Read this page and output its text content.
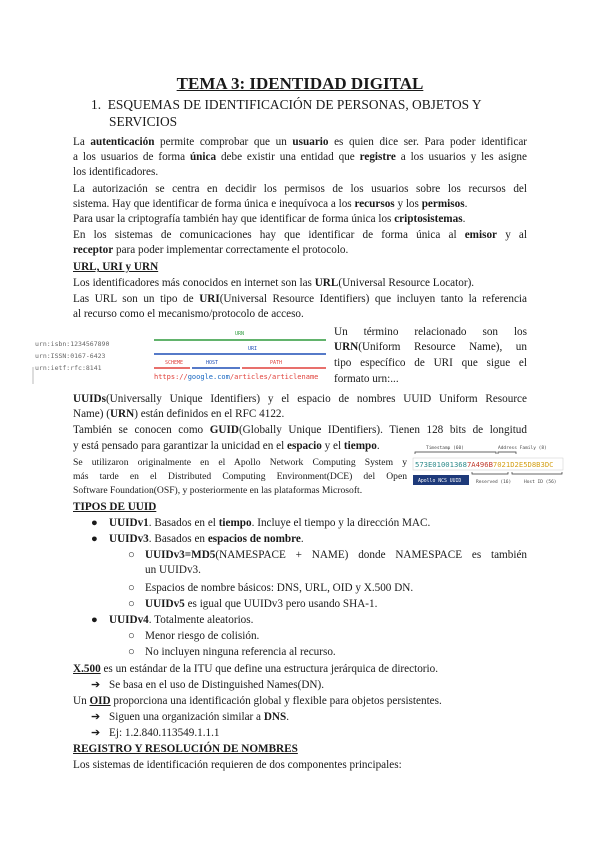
TEMA 3: IDENTIDAD DIGITAL
1. ESQUEMAS DE IDENTIFICACIÓN DE PERSONAS, OBJETOS Y
SERVICIOS
La autenticación permite comprobar que un usuario es quien dice ser. Para poder identificar
a los usuarios de forma única debe existir una entidad que registre a los usuarios y les asigne
los identificadores.
La autorización se centra en decidir los permisos de los usuarios sobre los recursos del
sistema. Hay que identificar de forma única e inequívoca a los recursos y los permisos.
Para usar la criptografía también hay que identificar de forma única los criptosistemas.
En los sistemas de comunicaciones hay que identificar de forma única al emisor y al
receptor para poder implementar correctamente el protocolo.
URL, URI y URN
Los identificadores más conocidos en internet son las URL(Universal Resource Locator).
Las URL son un tipo de URI(Universal Resource Identifiers) que incluyen tanto la referencia
al recurso como el mecanismo/protocolo de acceso.
urn:isbn:1234567890
urn:ISSN:0167-6423
urn:ietf:rfc:8141
URN
URI
SCHEME	HOST	PATH
https://google.com/articles/articlename
Un término relacionado son los
URN(Uniform Resource Name), un
tipo específico de URI que sigue el
formato urn:...
UUIDs(Universally Unique Identifiers) y el espacio de nombres UUID Uniform Resource
Name) (URN) están definidos en el RFC 4122.
También se conocen como GUID(Globally Unique IDentifiers). Tienen 128 bits de longitud
y está pensado para garantizar la unicidad en el espacio y el tiempo.
Se utilizaron originalmente en el Apollo Network Computing System y
más tarde en el Distributed Computing Environment(DCE) del Open
Software Foundation(OSF), y posteriormente en las plataformas Microsoft.
Timestamp (60)	Address Family (8)
573E010013687A496B7021D2E5D8B3DC
Apollo NCS UUID	Reserved (16)	Host ID (56)
TIPOS DE UUID
● UUIDv1. Basados en el tiempo. Incluye el tiempo y la dirección MAC.
● UUIDv3. Basados en espacios de nombre.
○ UUIDv3=MD5(NAMESPACE + NAME) donde NAMESPACE es también
un UUIDv3.
○ Espacios de nombre básicos: DNS, URL, OID y X.500 DN.
○ UUIDv5 es igual que UUIDv3 pero usando SHA-1.
● UUIDv4. Totalmente aleatorios.
○ Menor riesgo de colisión.
○ No incluyen ninguna referencia al recurso.
X.500 es un estándar de la ITU que define una estructura jerárquica de directorio.
➔ Se basa en el uso de Distinguished Names(DN).
Un OID proporciona una identificación global y flexible para objetos persistentes.
➔ Siguen una organización similar a DNS.
➔ Ej: 1.2.840.113549.1.1.1
REGISTRO Y RESOLUCIÓN DE NOMBRES
Los sistemas de identificación requieren de dos componentes principales:
